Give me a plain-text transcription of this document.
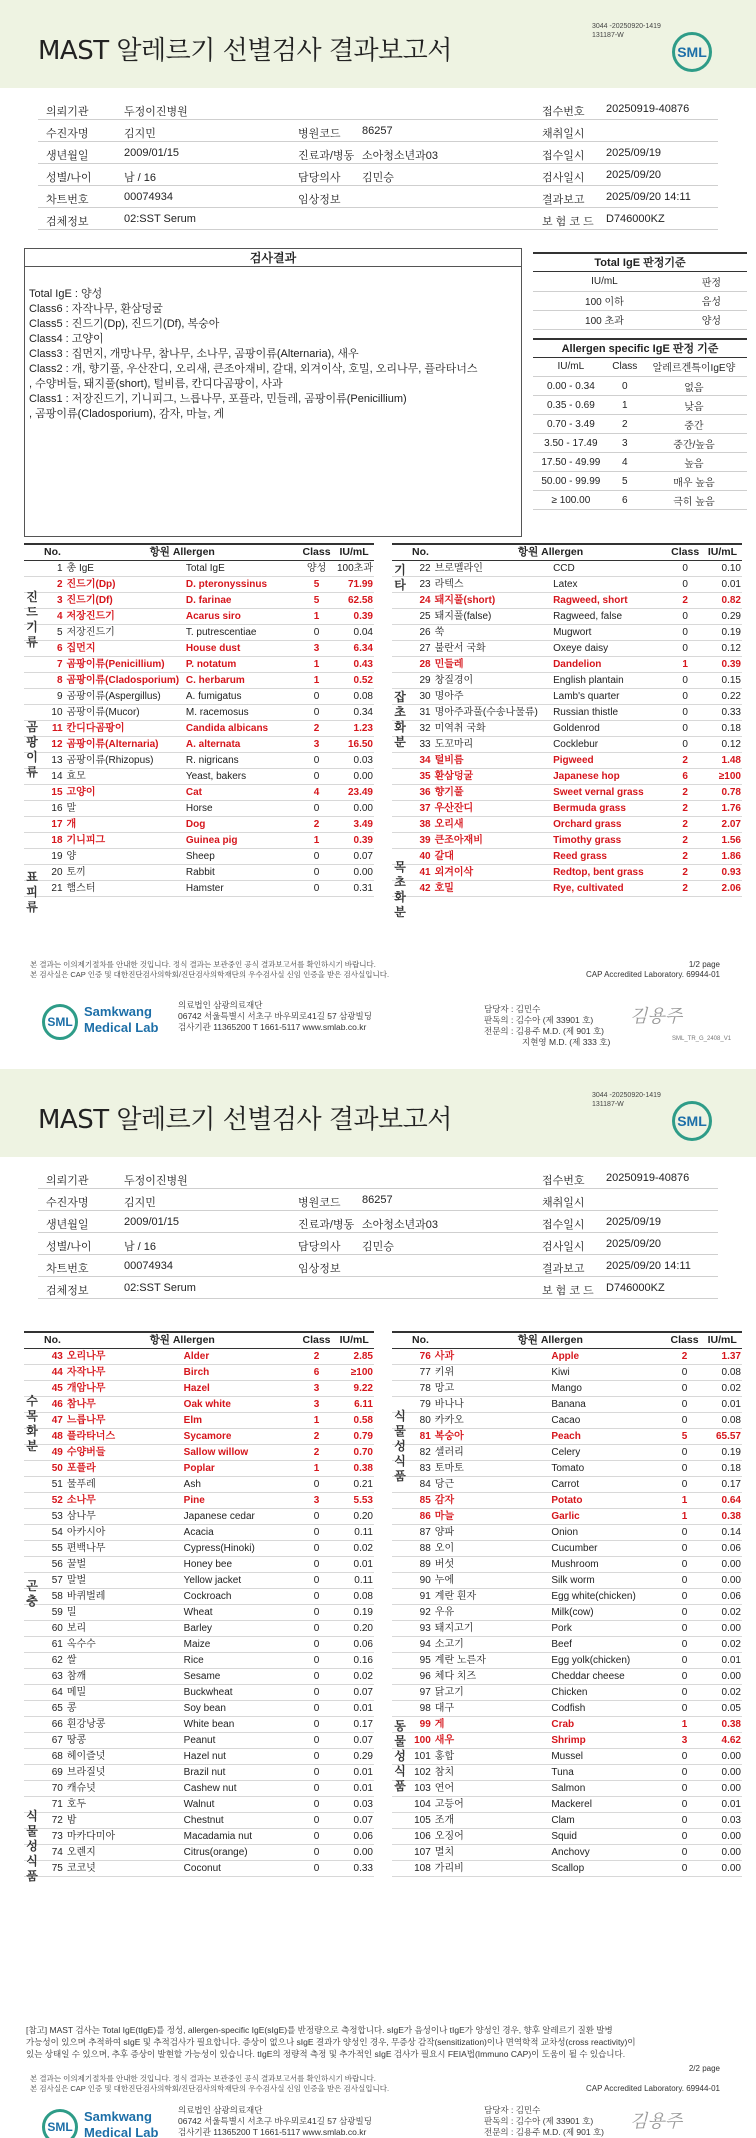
MAST 알레르기 선별검사 결과보고서
3044 -20250920-1419
131187-W
SML
의뢰기관	두정이진병원	접수번호 20250919-40876
수진자명	김지민	병원코드 86257	채취일시
생년월일	2009/01/15	진료과/병동 소아청소년과03	접수일시 2025/09/19
성별/나이	남 / 16	담당의사 김민승	검사일시 2025/09/20
차트번호	00074934	임상정보	결과보고 2025/09/20 14:11
검체정보	02:SST Serum	보 험 코 드 D746000KZ
검사결과
Total IgE : 양성
Class6 : 자작나무, 환삼덩굴
Class5 : 진드기(Dp), 진드기(Df), 복숭아
Class4 : 고양이
Class3 : 집먼지, 개망나무, 참나무, 소나무, 곰팡이류(Alternaria), 새우
Class2 : 개, 향기풀, 우산잔디, 오리새, 큰조아재비, 갈대, 외겨이삭, 호밀, 오리나무, 플라타너스
, 수양버들, 돼지풀(short), 털비름, 칸디다곰팡이, 사과
Class1 : 저장진드기, 기니피그, 느릅나무, 포플라, 민들레, 곰팡이류(Penicillium)
, 곰팡이류(Cladosporium), 감자, 마늘, 게
Total IgE 판정기준
IU/mL	판정
100 이하	음성
100 초과	양성
Allergen specific IgE 판정 기준
IU/mL	Class	알레르겐특이IgE양
0.00 - 0.34	0	없음
0.35 - 0.69	1	낮음
0.70 - 3.49	2	중간
3.50 - 17.49	3	중간/높음
17.50 - 49.99	4	높음
50.00 - 99.99	5	매우 높음
≥ 100.00	6	극히 높음
No.	항원 Allergen		Class	IU/mL
1	총 IgE	Total IgE	양성	100초과
2	진드기(Dp)	D. pteronyssinus	5	71.99
3	진드기(Df)	D. farinae	5	62.58
4	저장진드기	Acarus siro	1	0.39
5	저장진드기	T. putrescentiae	0	0.04
6	집먼지	House dust	3	6.34
7	곰팡이류(Penicillium)	P. notatum	1	0.43
8	곰팡이류(Cladosporium)	C. herbarum	1	0.52
9	곰팡이류(Aspergillus)	A. fumigatus	0	0.08
10	곰팡이류(Mucor)	M. racemosus	0	0.34
11	칸디다곰팡이	Candida albicans	2	1.23
12	곰팡이류(Alternaria)	A. alternata	3	16.50
13	곰팡이류(Rhizopus)	R. nigricans	0	0.03
14	효모	Yeast, bakers	0	0.00
15	고양이	Cat	4	23.49
16	말	Horse	0	0.00
17	개	Dog	2	3.49
18	기니피그	Guinea pig	1	0.39
19	양	Sheep	0	0.07
20	토끼	Rabbit	0	0.00
21	햄스터	Hamster	0	0.31
No.	항원 Allergen		Class	IU/mL
22	브로멜라인	CCD	0	0.10
23	라텍스	Latex	0	0.01
24	돼지풀(short)	Ragweed, short	2	0.82
25	돼지풀(false)	Ragweed, false	0	0.29
26	쑥	Mugwort	0	0.19
27	불란서 국화	Oxeye daisy	0	0.12
28	민들레	Dandelion	1	0.39
29	창질경이	English plantain	0	0.15
30	명아주	Lamb's quarter	0	0.22
31	명아주과풀(수송나물류)	Russian thistle	0	0.33
32	미역취 국화	Goldenrod	0	0.18
33	도꼬마리	Cocklebur	0	0.12
34	털비름	Pigweed	2	1.48
35	환삼덩굴	Japanese hop	6	≥100
36	향기풀	Sweet vernal grass	2	0.78
37	우산잔디	Bermuda grass	2	1.76
38	오리새	Orchard grass	2	2.07
39	큰조아재비	Timothy grass	2	1.56
40	갈대	Reed grass	2	1.86
41	외겨이삭	Redtop, bent grass	2	0.93
42	호밀	Rye, cultivated	2	2.06
진
드
기
류
곰
팡
이
류
표
피
류
기
타
잡
초
화
분
목
초
화
분
본 결과는 이의제기절차를 안내한 것입니다. 정식 결과는 보관중인 공식 결과보고서를 확인하시기 바랍니다.
본 검사실은 CAP 인증 및 대한진단검사의학회/진단검사의학재단의 우수검사실 신임 인증을 받은 검사실입니다.
1/2 page
CAP Accredited Laboratory. 69944-01
SML
Samkwang
Medical Lab
의료법인 삼광의료재단
06742 서울특별시 서초구 바우뫼로41길 57 삼광빌딩
검사기관 11365200 T 1661-5117 www.smlab.co.kr
담당자 : 김민수
판독의 : 김수아 (제 33901 호)
전문의 : 김용주 M.D. (제 901 호)
지현영 M.D. (제 333 호)
김용주
SML_TR_G_2408_V1
MAST 알레르기 선별검사 결과보고서
3044 -20250920-1419
131187-W
SML
의뢰기관	두정이진병원	접수번호 20250919-40876
수진자명	김지민	병원코드 86257	채취일시
생년월일	2009/01/15	진료과/병동 소아청소년과03	접수일시 2025/09/19
성별/나이	남 / 16	담당의사 김민승	검사일시 2025/09/20
차트번호	00074934	임상정보	결과보고 2025/09/20 14:11
검체정보	02:SST Serum	보 험 코 드 D746000KZ
No.	항원 Allergen		Class	IU/mL
43	오리나무	Alder	2	2.85
44	자작나무	Birch	6	≥100
45	개암나무	Hazel	3	9.22
46	참나무	Oak white	3	6.11
47	느릅나무	Elm	1	0.58
48	플라타너스	Sycamore	2	0.79
49	수양버들	Sallow willow	2	0.70
50	포플라	Poplar	1	0.38
51	물푸레	Ash	0	0.21
52	소나무	Pine	3	5.53
53	삼나무	Japanese cedar	0	0.20
54	아카시아	Acacia	0	0.11
55	편백나무	Cypress(Hinoki)	0	0.02
56	꿀벌	Honey bee	0	0.01
57	말벌	Yellow jacket	0	0.11
58	바퀴벌레	Cockroach	0	0.08
59	밀	Wheat	0	0.19
60	보리	Barley	0	0.20
61	옥수수	Maize	0	0.06
62	쌀	Rice	0	0.16
63	참깨	Sesame	0	0.02
64	메밀	Buckwheat	0	0.07
65	콩	Soy bean	0	0.01
66	흰강낭콩	White bean	0	0.17
67	땅콩	Peanut	0	0.07
68	헤이즐넛	Hazel nut	0	0.29
69	브라질넛	Brazil nut	0	0.01
70	캐슈넛	Cashew nut	0	0.01
71	호두	Walnut	0	0.03
72	밤	Chestnut	0	0.07
73	마카다미아	Macadamia nut	0	0.06
74	오렌지	Citrus(orange)	0	0.00
75	코코넛	Coconut	0	0.33
No.	항원 Allergen		Class	IU/mL
76	사과	Apple	2	1.37
77	키위	Kiwi	0	0.08
78	망고	Mango	0	0.02
79	바나나	Banana	0	0.01
80	카카오	Cacao	0	0.08
81	복숭아	Peach	5	65.57
82	셀러리	Celery	0	0.19
83	토마토	Tomato	0	0.18
84	당근	Carrot	0	0.17
85	감자	Potato	1	0.64
86	마늘	Garlic	1	0.38
87	양파	Onion	0	0.14
88	오이	Cucumber	0	0.06
89	버섯	Mushroom	0	0.00
90	누에	Silk worm	0	0.00
91	계란 흰자	Egg white(chicken)	0	0.06
92	우유	Milk(cow)	0	0.02
93	돼지고기	Pork	0	0.00
94	소고기	Beef	0	0.02
95	계란 노른자	Egg yolk(chicken)	0	0.01
96	체다 치즈	Cheddar cheese	0	0.00
97	닭고기	Chicken	0	0.02
98	대구	Codfish	0	0.05
99	게	Crab	1	0.38
100	새우	Shrimp	3	4.62
101	홍합	Mussel	0	0.00
102	참치	Tuna	0	0.00
103	연어	Salmon	0	0.00
104	고등어	Mackerel	0	0.01
105	조개	Clam	0	0.03
106	오징어	Squid	0	0.00
107	멸치	Anchovy	0	0.00
108	가리비	Scallop	0	0.00
수
목
화
분
곤
충
식
물
성
식
품
식
물
성
식
품
동
물
성
식
품
[참고] MAST 검사는 Total IgE(tIgE)를 정성, allergen-specific IgE(sIgE)를 반정량으로 측정합니다. sIgE가 음성이나 tIgE가 양성인 경우, 향후 알레르기 질환 발병
가능성이 있으며 추적하여 sIgE 및 추적검사가 필요합니다. 증상이 없으나 sIgE 결과가 양성인 경우, 무증상 감작(sensitization)이나 면역학적 교차성(cross reactivity)이
있는 상태일 수 있으며, 추후 증상이 발현할 가능성이 있습니다. tIgE의 정량적 측정 및 추가적인 sIgE 검사가 필요시 FEIA법(Immuno CAP)이 도움이 될 수 있습니다.
2/2 page
본 결과는 이의제기절차를 안내한 것입니다. 정식 결과는 보관중인 공식 결과보고서를 확인하시기 바랍니다.
본 검사실은 CAP 인증 및 대한진단검사의학회/진단검사의학재단의 우수검사실 신임 인증을 받은 검사실입니다.	CAP Accredited Laboratory. 69944-01
SML
Samkwang
Medical Lab
의료법인 삼광의료재단
06742 서울특별시 서초구 바우뫼로41길 57 삼광빌딩
검사기관 11365200 T 1661-5117 www.smlab.co.kr
담당자 : 김민수
판독의 : 김수아 (제 33901 호)
전문의 : 김용주 M.D. (제 901 호) 김용주
